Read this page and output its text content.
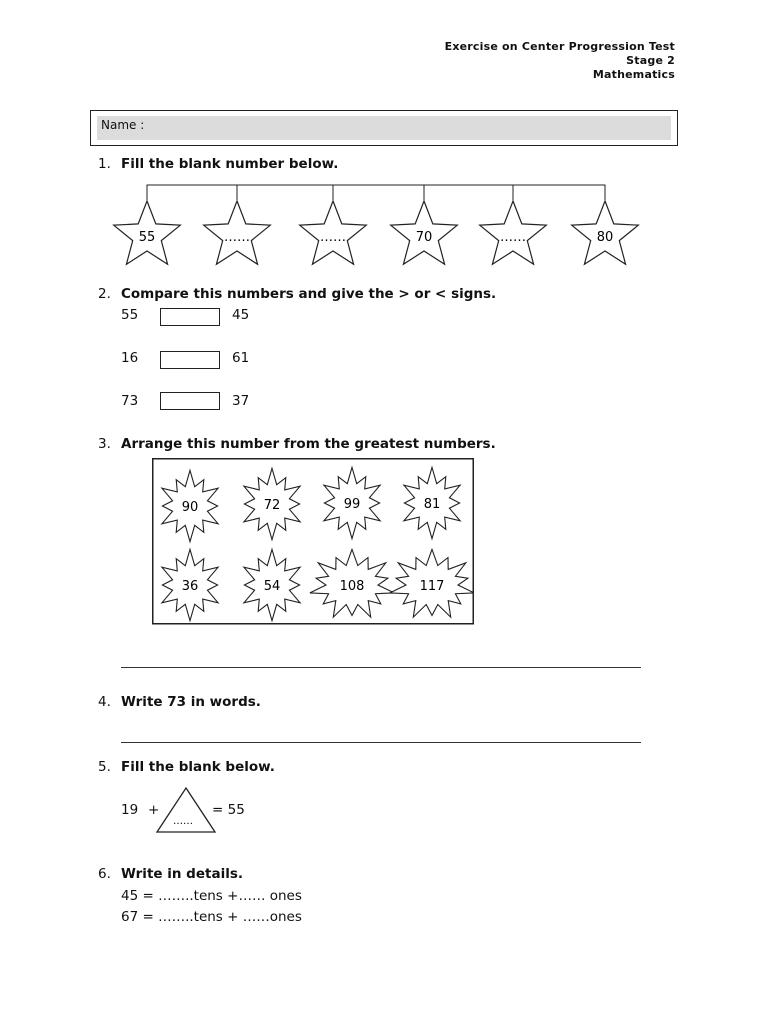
Exercise on Center Progression Test
Stage 2
Mathematics
Name :
1. Fill the blank number below.
55	……	……	70	……	80
2. Compare this numbers and give the > or < signs.
55	45
16	61
73	37
3. Arrange this number from the greatest numbers.
90	72	99	81
36	54	108	117
4. Write 73 in words.
5. Fill the blank below.
19 +
……
= 55
6. Write in details.
45 = ……..tens +…… ones
67 = ……..tens + ……ones
